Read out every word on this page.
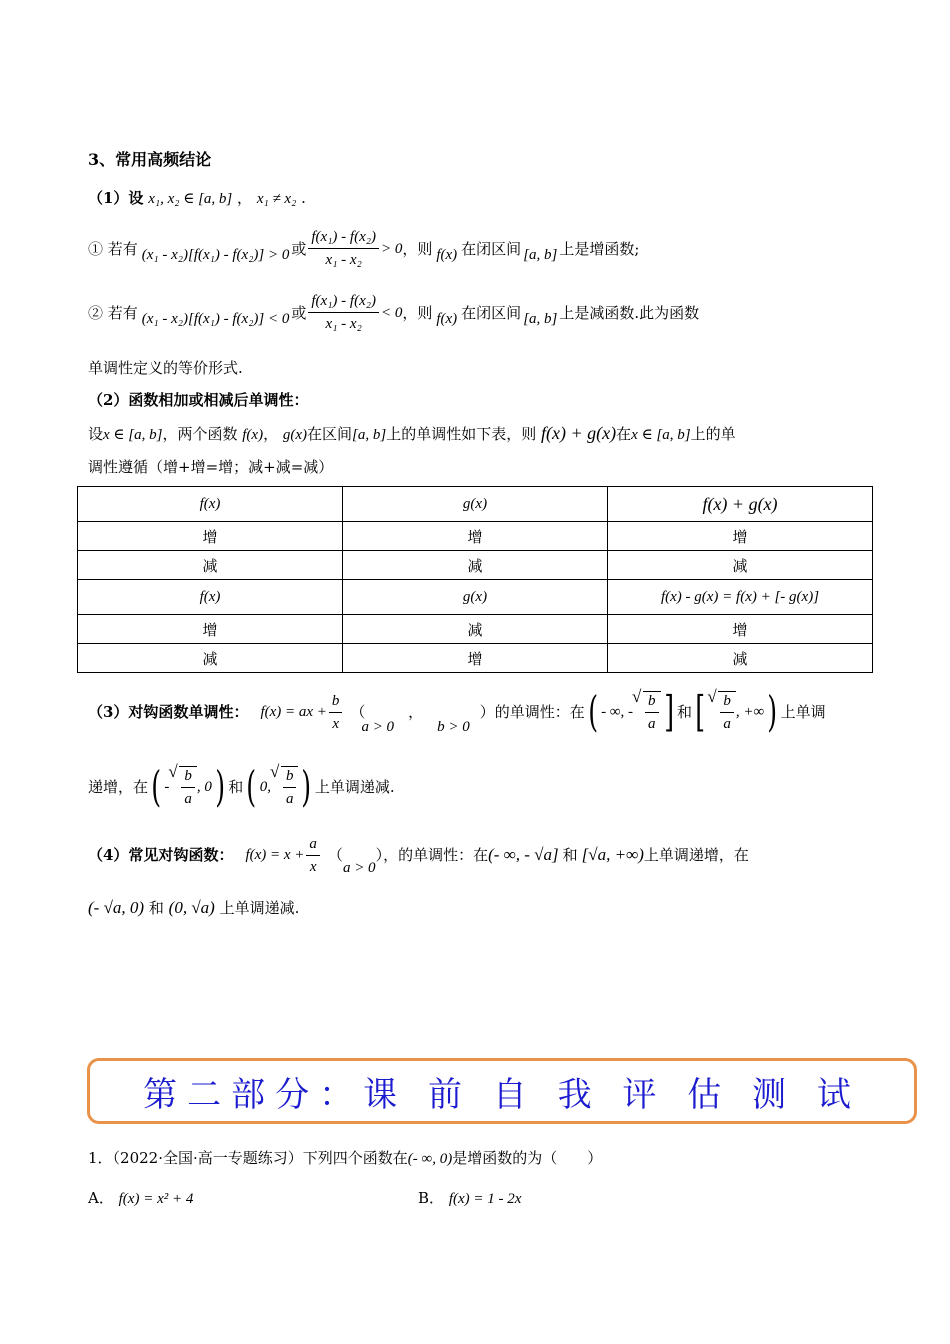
3、常用高频结论
（1）设 x₁, x₂ ∈ [a, b] ， x₁ ≠ x₂ .
① 若有 (x₁ - x₂)[f(x₁) - f(x₂)] > 0 或 $\frac{\text{f(x₁) - f(x₂)}}{\text{x₁ - x₂}} > 0$ ，则 f(x) 在闭区间 [a, b] 上是增函数;
② 若有 (x₁ - x₂)[f(x₁) - f(x₂)] < 0 或 $\frac{\text{f(x₁) - f(x₂)}}{\text{x₁ - x₂}} < 0$ ，则 f(x) 在闭区间 [a, b] 上是减函数.此为函数
单调性定义的等价形式.
（2）函数相加或相减后单调性：
设x ∈ [a, b]，两个函数 f(x)， g(x)在区间[a, b]上的单调性如下表，则 f(x) + g(x)在x ∈ [a, b]上的单
调性遵循（增+增=增；减+减=减）
f(x)	g(x)	f(x) + g(x)
增	增	增
减	减	减
f(x)	g(x)	f(x) - g(x) = f(x) + [- g(x)]
增	减	增
减	增	减
（3）对钩函数单调性： f(x) = ax + $\frac{b}{x}$ （
a > 0
，
b > 0
）的单调性：在 ( - ∞, - √ $\frac{b}{a}$ ] 和 [ √ $\frac{b}{a}$ , +∞ ) 上单调
递增，在 ( - √ $\frac{b}{a}$ , 0 ) 和 ( 0, √ $\frac{b}{a}$ ) 上单调递减.
（4）常见对钩函数： $f(x) = x + \frac{a}{x}$ （
a > 0
），的单调性：在 (- ∞, - √a] 和 [√a, +∞) 上单调递增，在
(- √a, 0) 和 (0, √a) 上单调递减.
第二部分：课 前 自 我 评 估 测 试
1．（2022·全国·高一专题练习）下列四个函数在(- ∞, 0)是增函数的为（　　）
A． f(x) = x² + 4	B． f(x) = 1 - 2x
